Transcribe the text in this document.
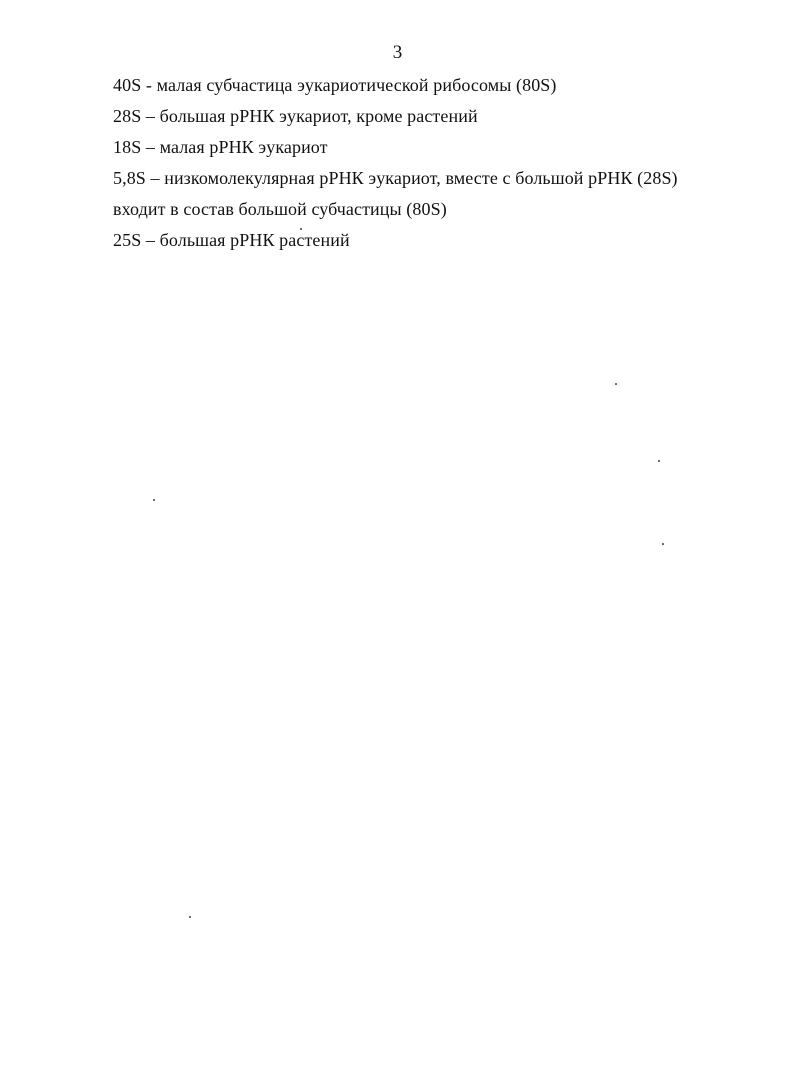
3
40S - малая субчастица эукариотической рибосомы (80S)
28S – большая рРНК эукариот, кроме растений
18S – малая рРНК эукариот
5,8S – низкомолекулярная рРНК эукариот, вместе с большой рРНК (28S)
входит в состав большой субчастицы (80S)
25S – большая рРНК растений
